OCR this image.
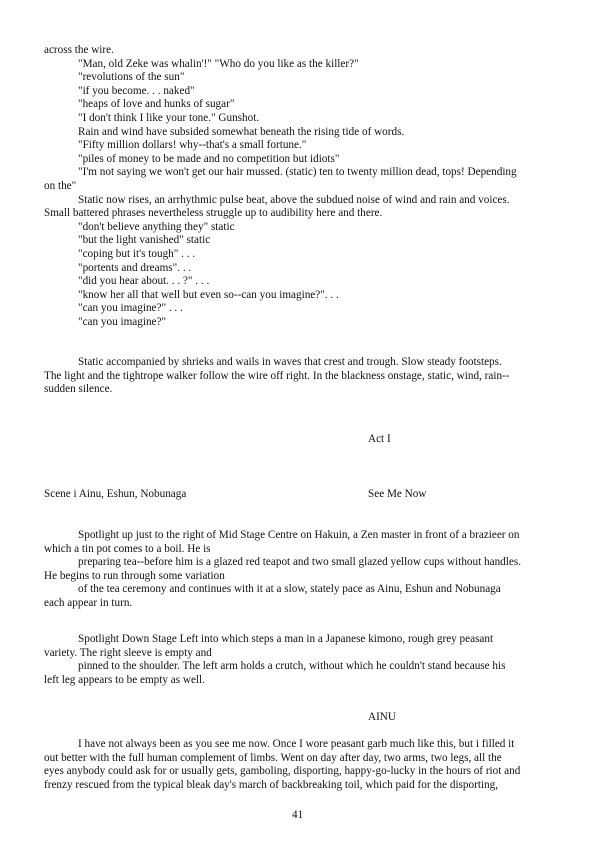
across the wire.
"Man, old Zeke was whalin'!" "Who do you like as the killer?"
"revolutions of the sun"
"if you become. . . naked"
"heaps of love and hunks of sugar"
"I don't think I like your tone." Gunshot.
Rain and wind have subsided somewhat beneath the rising tide of words.
"Fifty million dollars! why--that's a small fortune."
"piles of money to be made and no competition but idiots"
"I'm not saying we won't get our hair mussed. (static) ten to twenty million dead, tops! Depending
on the"
Static now rises, an arrhythmic pulse beat, above the subdued noise of wind and rain and voices.
Small battered phrases nevertheless struggle up to audibility here and there.
"don't believe anything they" static
"but the light vanished" static
"coping but it's tough" . . .
"portents and dreams". . .
"did you hear about. . . ?" . . .
"know her all that well but even so--can you imagine?". . .
"can you imagine?" . . .
"can you imagine?"
Static accompanied by shrieks and wails in waves that crest and trough. Slow steady footsteps.
The light and the tightrope walker follow the wire off right. In the blackness onstage, static, wind, rain--
sudden silence.
Act I
Scene i Ainu, Eshun, Nobunaga	See Me Now
Spotlight up just to the right of Mid Stage Centre on Hakuin, a Zen master in front of a brazieer on
which a tin pot comes to a boil. He is
preparing tea--before him is a glazed red teapot and two small glazed yellow cups without handles.
He begins to run through some variation
of the tea ceremony and continues with it at a slow, stately pace as Ainu, Eshun and Nobunaga
each appear in turn.
Spotlight Down Stage Left into which steps a man in a Japanese kimono, rough grey peasant
variety. The right sleeve is empty and
pinned to the shoulder. The left arm holds a crutch, without which he couldn't stand because his
left leg appears to be empty as well.
AINU
I have not always been as you see me now. Once I wore peasant garb much like this, but i filled it
out better with the full human complement of limbs. Went on day after day, two arms, two legs, all the
eyes anybody could ask for or usually gets, gamboling, disporting, happy-go-lucky in the hours of riot and
frenzy rescued from the typical bleak day's march of backbreaking toil, which paid for the disporting,
41
